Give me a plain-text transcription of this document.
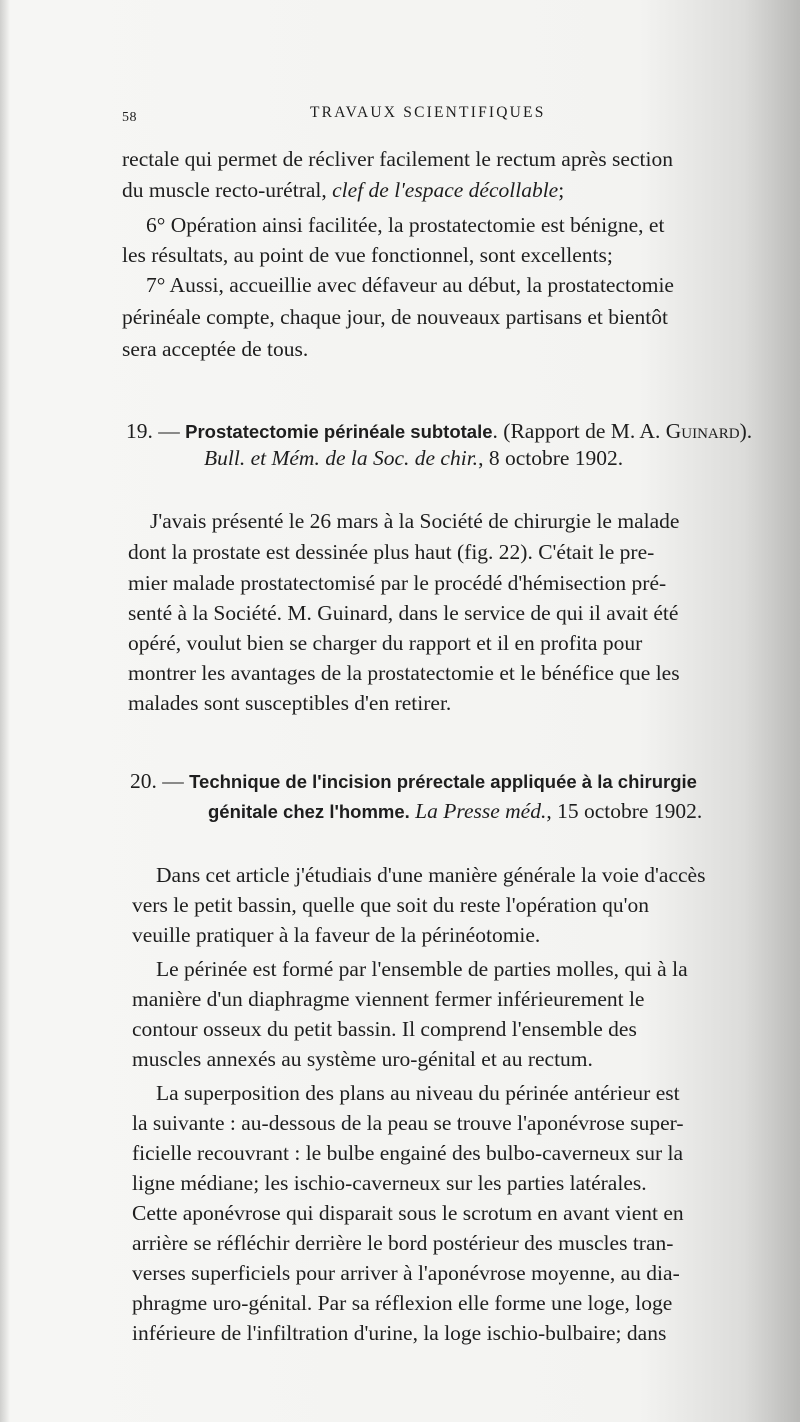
58	TRAVAUX SCIENTIFIQUES
rectale qui permet de récliver facilement le rectum après section
du muscle recto-urétral, clef de l'espace décollable;
6° Opération ainsi facilitée, la prostatectomie est bénigne, et
les résultats, au point de vue fonctionnel, sont excellents;
7° Aussi, accueillie avec défaveur au début, la prostatectomie
périnéale compte, chaque jour, de nouveaux partisans et bientôt
sera acceptée de tous.
19. — Prostatectomie périnéale subtotale. (Rapport de M. A. Guinard).
Bull. et Mém. de la Soc. de chir., 8 octobre 1902.
J'avais présenté le 26 mars à la Société de chirurgie le malade
dont la prostate est dessinée plus haut (fig. 22). C'était le pre-
mier malade prostatectomisé par le procédé d'hémisection pré-
senté à la Société. M. Guinard, dans le service de qui il avait été
opéré, voulut bien se charger du rapport et il en profita pour
montrer les avantages de la prostatectomie et le bénéfice que les
malades sont susceptibles d'en retirer.
20. — Technique de l'incision prérectale appliquée à la chirurgie
génitale chez l'homme. La Presse méd., 15 octobre 1902.
Dans cet article j'étudiais d'une manière générale la voie d'accès
vers le petit bassin, quelle que soit du reste l'opération qu'on
veuille pratiquer à la faveur de la périnéotomie.
Le périnée est formé par l'ensemble de parties molles, qui à la
manière d'un diaphragme viennent fermer inférieurement le
contour osseux du petit bassin. Il comprend l'ensemble des
muscles annexés au système uro-génital et au rectum.
La superposition des plans au niveau du périnée antérieur est
la suivante : au-dessous de la peau se trouve l'aponévrose super-
ficielle recouvrant : le bulbe engainé des bulbo-caverneux sur la
ligne médiane; les ischio-caverneux sur les parties latérales.
Cette aponévrose qui disparait sous le scrotum en avant vient en
arrière se réfléchir derrière le bord postérieur des muscles tran-
verses superficiels pour arriver à l'aponévrose moyenne, au dia-
phragme uro-génital. Par sa réflexion elle forme une loge, loge
inférieure de l'infiltration d'urine, la loge ischio-bulbaire; dans
